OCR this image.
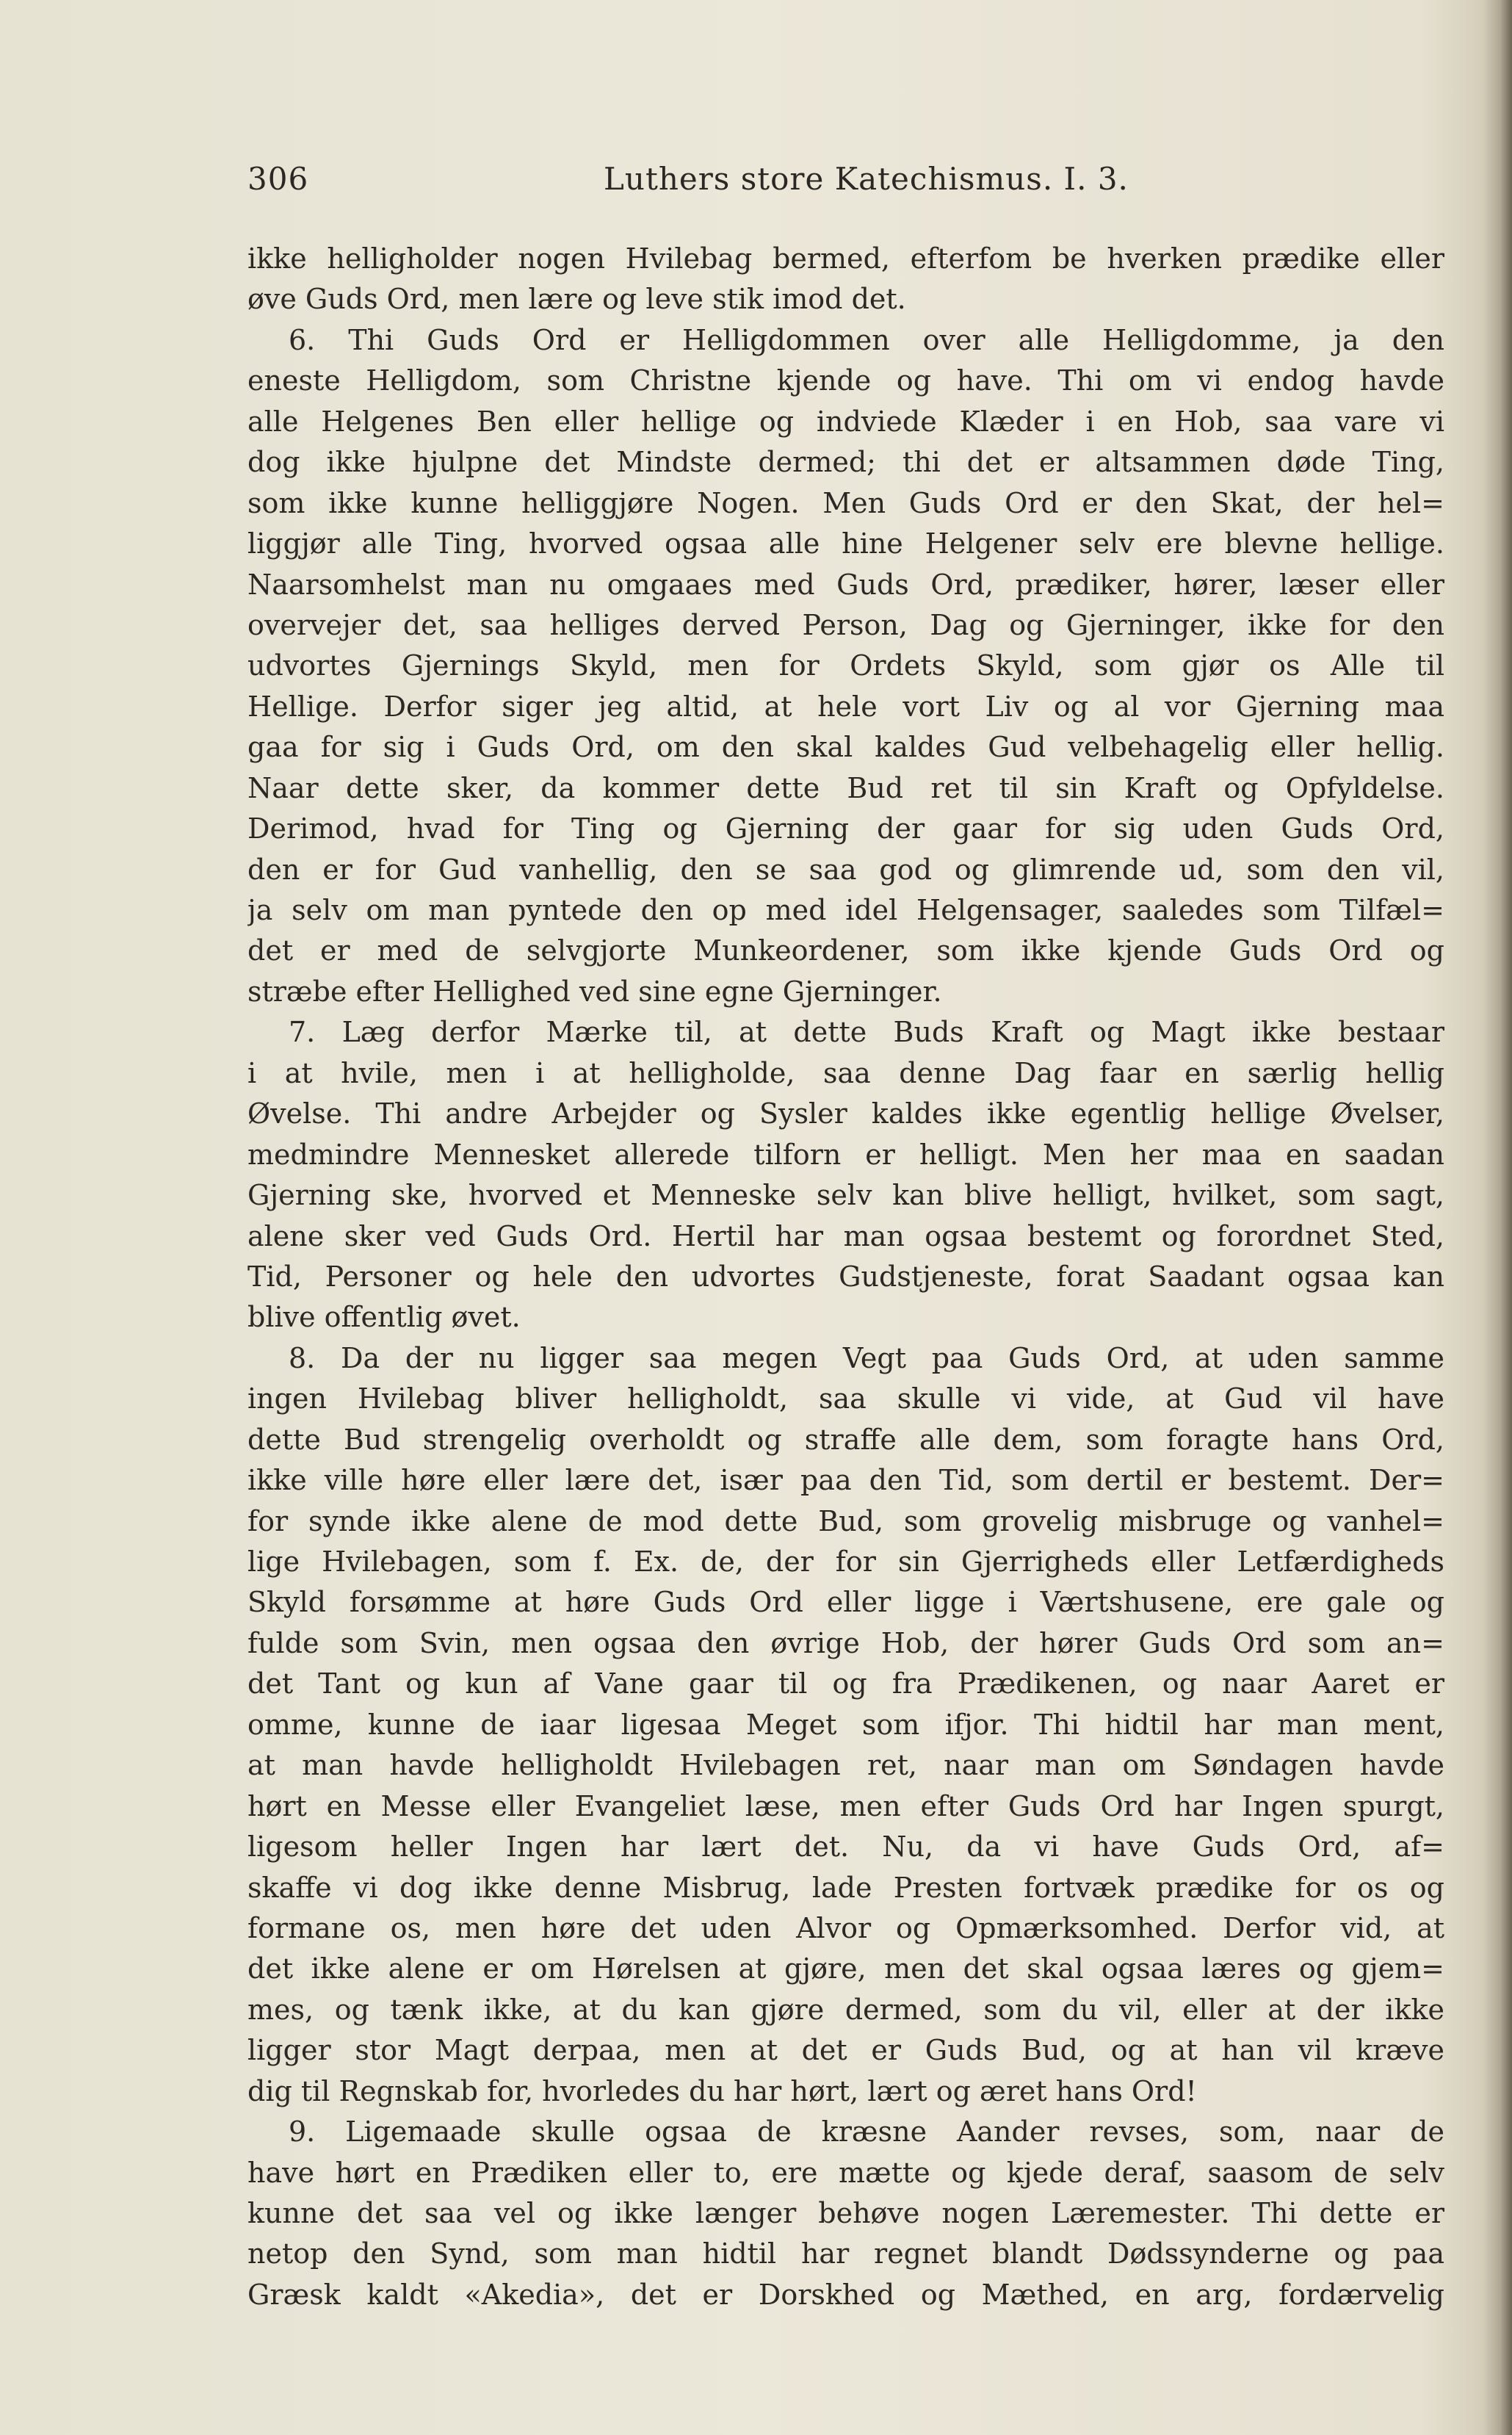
306	Luthers store Katechismus. I. 3.
ikke helligholder nogen Hvilebag bermed, efterfom be hverken prædike eller
øve Guds Ord, men lære og leve stik imod det.
6. Thi Guds Ord er Helligdommen over alle Helligdomme, ja den
eneste Helligdom, som Christne kjende og have. Thi om vi endog havde
alle Helgenes Ben eller hellige og indviede Klæder i en Hob, saa vare vi
dog ikke hjulpne det Mindste dermed; thi det er altsammen døde Ting,
som ikke kunne helliggjøre Nogen. Men Guds Ord er den Skat, der hel=
liggjør alle Ting, hvorved ogsaa alle hine Helgener selv ere blevne hellige.
Naarsomhelst man nu omgaaes med Guds Ord, prædiker, hører, læser eller
overvejer det, saa helliges derved Person, Dag og Gjerninger, ikke for den
udvortes Gjernings Skyld, men for Ordets Skyld, som gjør os Alle til
Hellige. Derfor siger jeg altid, at hele vort Liv og al vor Gjerning maa
gaa for sig i Guds Ord, om den skal kaldes Gud velbehagelig eller hellig.
Naar dette sker, da kommer dette Bud ret til sin Kraft og Opfyldelse.
Derimod, hvad for Ting og Gjerning der gaar for sig uden Guds Ord,
den er for Gud vanhellig, den se saa god og glimrende ud, som den vil,
ja selv om man pyntede den op med idel Helgensager, saaledes som Tilfæl=
det er med de selvgjorte Munkeordener, som ikke kjende Guds Ord og
stræbe efter Hellighed ved sine egne Gjerninger.
7. Læg derfor Mærke til, at dette Buds Kraft og Magt ikke bestaar
i at hvile, men i at helligholde, saa denne Dag faar en særlig hellig
Øvelse. Thi andre Arbejder og Sysler kaldes ikke egentlig hellige Øvelser,
medmindre Mennesket allerede tilforn er helligt. Men her maa en saadan
Gjerning ske, hvorved et Menneske selv kan blive helligt, hvilket, som sagt,
alene sker ved Guds Ord. Hertil har man ogsaa bestemt og forordnet Sted,
Tid, Personer og hele den udvortes Gudstjeneste, forat Saadant ogsaa kan
blive offentlig øvet.
8. Da der nu ligger saa megen Vegt paa Guds Ord, at uden samme
ingen Hvilebag bliver helligholdt, saa skulle vi vide, at Gud vil have
dette Bud strengelig overholdt og straffe alle dem, som foragte hans Ord,
ikke ville høre eller lære det, især paa den Tid, som dertil er bestemt. Der=
for synde ikke alene de mod dette Bud, som grovelig misbruge og vanhel=
lige Hvilebagen, som f. Ex. de, der for sin Gjerrigheds eller Letfærdigheds
Skyld forsømme at høre Guds Ord eller ligge i Værtshusene, ere gale og
fulde som Svin, men ogsaa den øvrige Hob, der hører Guds Ord som an=
det Tant og kun af Vane gaar til og fra Prædikenen, og naar Aaret er
omme, kunne de iaar ligesaa Meget som ifjor. Thi hidtil har man ment,
at man havde helligholdt Hvilebagen ret, naar man om Søndagen havde
hørt en Messe eller Evangeliet læse, men efter Guds Ord har Ingen spurgt,
ligesom heller Ingen har lært det. Nu, da vi have Guds Ord, af=
skaffe vi dog ikke denne Misbrug, lade Presten fortvæk prædike for os og
formane os, men høre det uden Alvor og Opmærksomhed. Derfor vid, at
det ikke alene er om Hørelsen at gjøre, men det skal ogsaa læres og gjem=
mes, og tænk ikke, at du kan gjøre dermed, som du vil, eller at der ikke
ligger stor Magt derpaa, men at det er Guds Bud, og at han vil kræve
dig til Regnskab for, hvorledes du har hørt, lært og æret hans Ord!
9. Ligemaade skulle ogsaa de kræsne Aander revses, som, naar de
have hørt en Prædiken eller to, ere mætte og kjede deraf, saasom de selv
kunne det saa vel og ikke længer behøve nogen Læremester. Thi dette er
netop den Synd, som man hidtil har regnet blandt Dødssynderne og paa
Græsk kaldt «Akedia», det er Dorskhed og Mæthed, en arg, fordærvelig
